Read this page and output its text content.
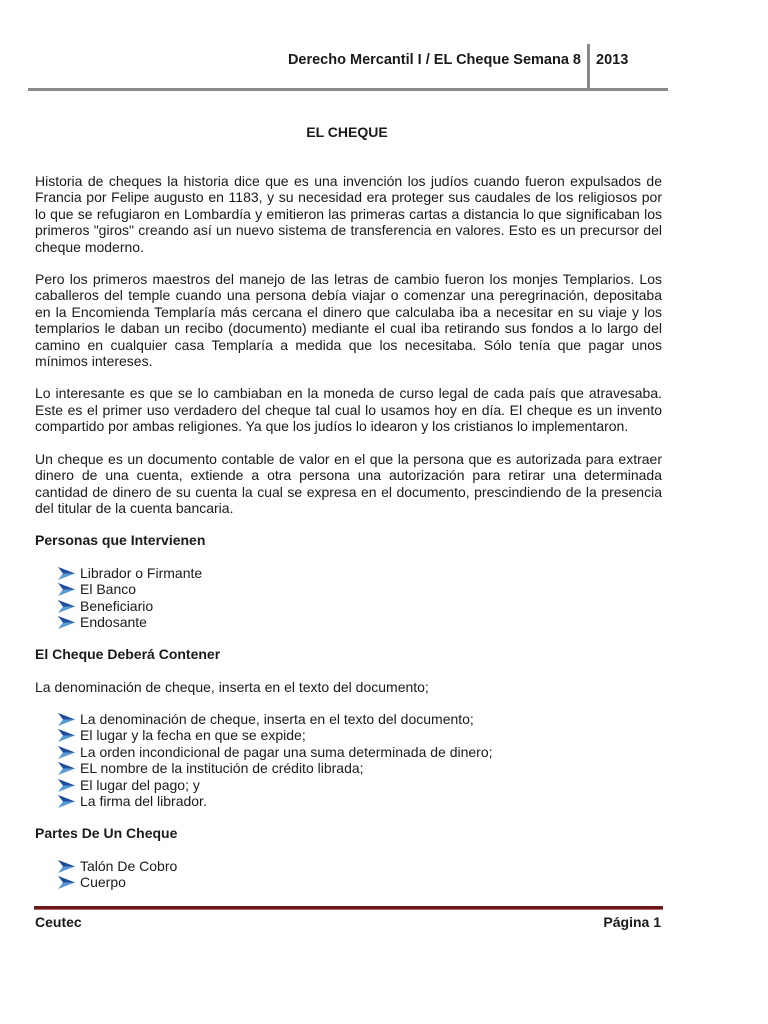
Derecho Mercantil I / EL Cheque Semana 8 2013
EL CHEQUE

Historia de cheques la historia dice que es una invención los judíos cuando fueron expulsados de Francia por Felipe augusto en 1183, y su necesidad era proteger sus caudales de los religiosos por lo que se refugiaron en Lombardía y emitieron las primeras cartas a distancia lo que significaban los primeros "giros" creando así un nuevo sistema de transferencia en valores. Esto es un precursor del cheque moderno.

Pero los primeros maestros del manejo de las letras de cambio fueron los monjes Templarios. Los caballeros del temple cuando una persona debía viajar o comenzar una peregrinación, depositaba en la Encomienda Templaría más cercana el dinero que calculaba iba a necesitar en su viaje y los templarios le daban un recibo (documento) mediante el cual iba retirando sus fondos a lo largo del camino en cualquier casa Templaría a medida que los necesitaba. Sólo tenía que pagar unos mínimos intereses.

Lo interesante es que se lo cambiaban en la moneda de curso legal de cada país que atravesaba. Este es el primer uso verdadero del cheque tal cual lo usamos hoy en día. El cheque es un invento compartido por ambas religiones. Ya que los judíos lo idearon y los cristianos lo implementaron.

Un cheque es un documento contable de valor en el que la persona que es autorizada para extraer dinero de una cuenta, extiende a otra persona una autorización para retirar una determinada cantidad de dinero de su cuenta la cual se expresa en el documento, prescindiendo de la presencia del titular de la cuenta bancaria.

Personas que Intervienen
Librador o Firmante
El Banco
Beneficiario
Endosante
El Cheque Deberá Contener

La denominación de cheque, inserta en el texto del documento;

La denominación de cheque, inserta en el texto del documento;
El lugar y la fecha en que se expide;
La orden incondicional de pagar una suma determinada de dinero;
EL nombre de la institución de crédito librada;
El lugar del pago; y
La firma del librador.
Partes De Un Cheque
Talón De Cobro
Cuerpo
Ceutec	Página 1
